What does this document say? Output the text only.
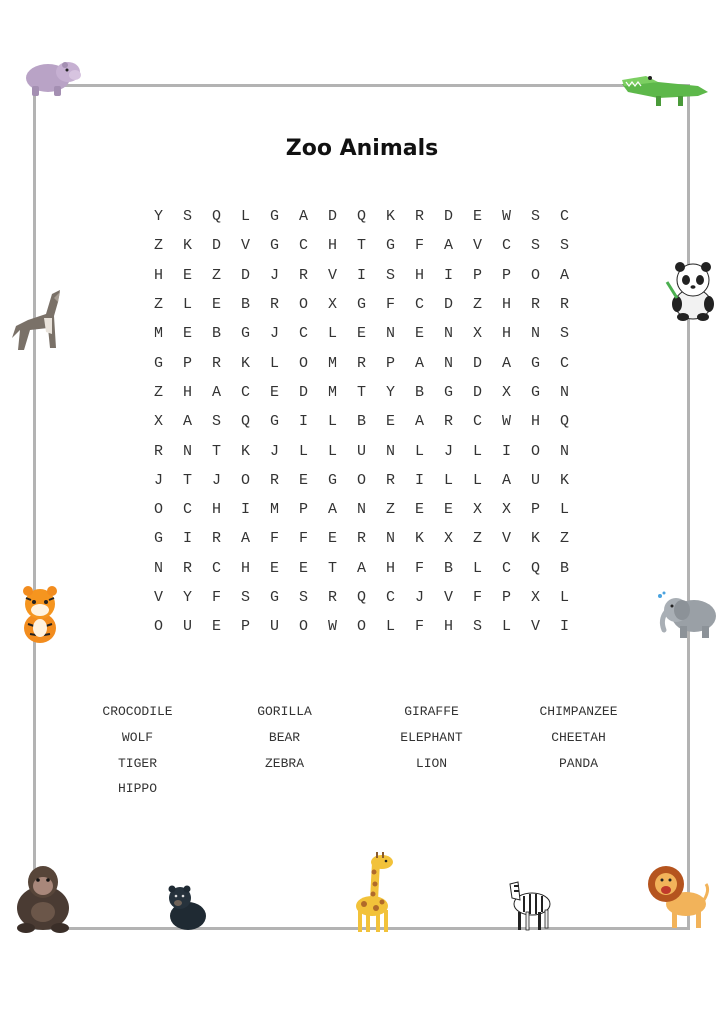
Zoo Animals
Y	S	Q	L	G	A	D	Q	K	R	D	E	W	S	C
Z	K	D	V	G	C	H	T	G	F	A	V	C	S	S
H	E	Z	D	J	R	V	I	S	H	I	P	P	O	A
Z	L	E	B	R	O	X	G	F	C	D	Z	H	R	R
M	E	B	G	J	C	L	E	N	E	N	X	H	N	S
G	P	R	K	L	O	M	R	P	A	N	D	A	G	C
Z	H	A	C	E	D	M	T	Y	B	G	D	X	G	N
X	A	S	Q	G	I	L	B	E	A	R	C	W	H	Q
R	N	T	K	J	L	L	U	N	L	J	L	I	O	N
J	T	J	O	R	E	G	O	R	I	L	L	A	U	K
O	C	H	I	M	P	A	N	Z	E	E	X	X	P	L
G	I	R	A	F	F	E	R	N	K	X	Z	V	K	Z
N	R	C	H	E	E	T	A	H	F	B	L	C	Q	B
V	Y	F	S	G	S	R	Q	C	J	V	F	P	X	L
O	U	E	P	U	O	W	O	L	F	H	S	L	V	I
CROCODILE	GORILLA	GIRAFFE	CHIMPANZEE
WOLF	BEAR	ELEPHANT	CHEETAH
TIGER	ZEBRA	LION	PANDA
HIPPO
